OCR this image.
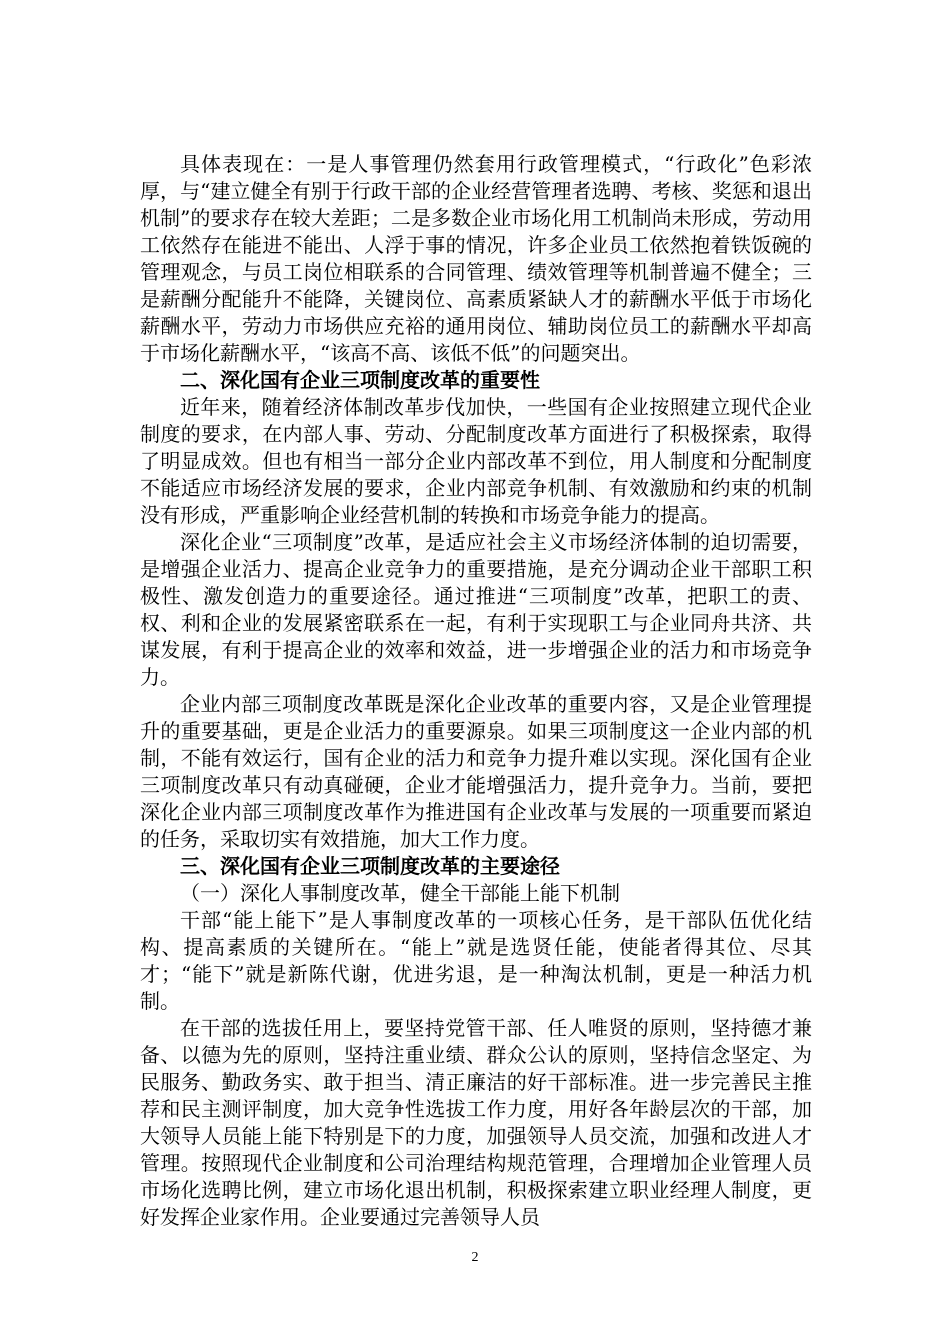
具体表现在：一是人事管理仍然套用行政管理模式，“行政化”色彩浓厚，与“建立健全有别于行政干部的企业经营管理者选聘、考核、奖惩和退出机制”的要求存在较大差距；二是多数企业市场化用工机制尚未形成，劳动用工依然存在能进不能出、人浮于事的情况，许多企业员工依然抱着铁饭碗的管理观念，与员工岗位相联系的合同管理、绩效管理等机制普遍不健全；三是薪酬分配能升不能降，关键岗位、高素质紧缺人才的薪酬水平低于市场化薪酬水平，劳动力市场供应充裕的通用岗位、辅助岗位员工的薪酬水平却高于市场化薪酬水平，“该高不高、该低不低”的问题突出。

二、深化国有企业三项制度改革的重要性

近年来，随着经济体制改革步伐加快，一些国有企业按照建立现代企业制度的要求，在内部人事、劳动、分配制度改革方面进行了积极探索，取得了明显成效。但也有相当一部分企业内部改革不到位，用人制度和分配制度不能适应市场经济发展的要求，企业内部竞争机制、有效激励和约束的机制没有形成，严重影响企业经营机制的转换和市场竞争能力的提高。

深化企业“三项制度”改革，是适应社会主义市场经济体制的迫切需要，是增强企业活力、提高企业竞争力的重要措施，是充分调动企业干部职工积极性、激发创造力的重要途径。通过推进“三项制度”改革，把职工的责、权、利和企业的发展紧密联系在一起，有利于实现职工与企业同舟共济、共谋发展，有利于提高企业的效率和效益，进一步增强企业的活力和市场竞争力。

企业内部三项制度改革既是深化企业改革的重要内容，又是企业管理提升的重要基础，更是企业活力的重要源泉。如果三项制度这一企业内部的机制，不能有效运行，国有企业的活力和竞争力提升难以实现。深化国有企业三项制度改革只有动真碰硬，企业才能增强活力，提升竞争力。当前，要把深化企业内部三项制度改革作为推进国有企业改革与发展的一项重要而紧迫的任务，采取切实有效措施，加大工作力度。

三、深化国有企业三项制度改革的主要途径

（一）深化人事制度改革，健全干部能上能下机制

干部“能上能下”是人事制度改革的一项核心任务，是干部队伍优化结构、提高素质的关键所在。“能上”就是选贤任能，使能者得其位、尽其才；“能下”就是新陈代谢，优进劣退，是一种淘汰机制，更是一种活力机制。

在干部的选拔任用上，要坚持党管干部、任人唯贤的原则，坚持德才兼备、以德为先的原则，坚持注重业绩、群众公认的原则，坚持信念坚定、为民服务、勤政务实、敢于担当、清正廉洁的好干部标准。进一步完善民主推荐和民主测评制度，加大竞争性选拔工作力度，用好各年龄层次的干部，加大领导人员能上能下特别是下的力度，加强领导人员交流，加强和改进人才管理。按照现代企业制度和公司治理结构规范管理，合理增加企业管理人员市场化选聘比例，建立市场化退出机制，积极探索建立职业经理人制度，更好发挥企业家作用。企业要通过完善领导人员

2
